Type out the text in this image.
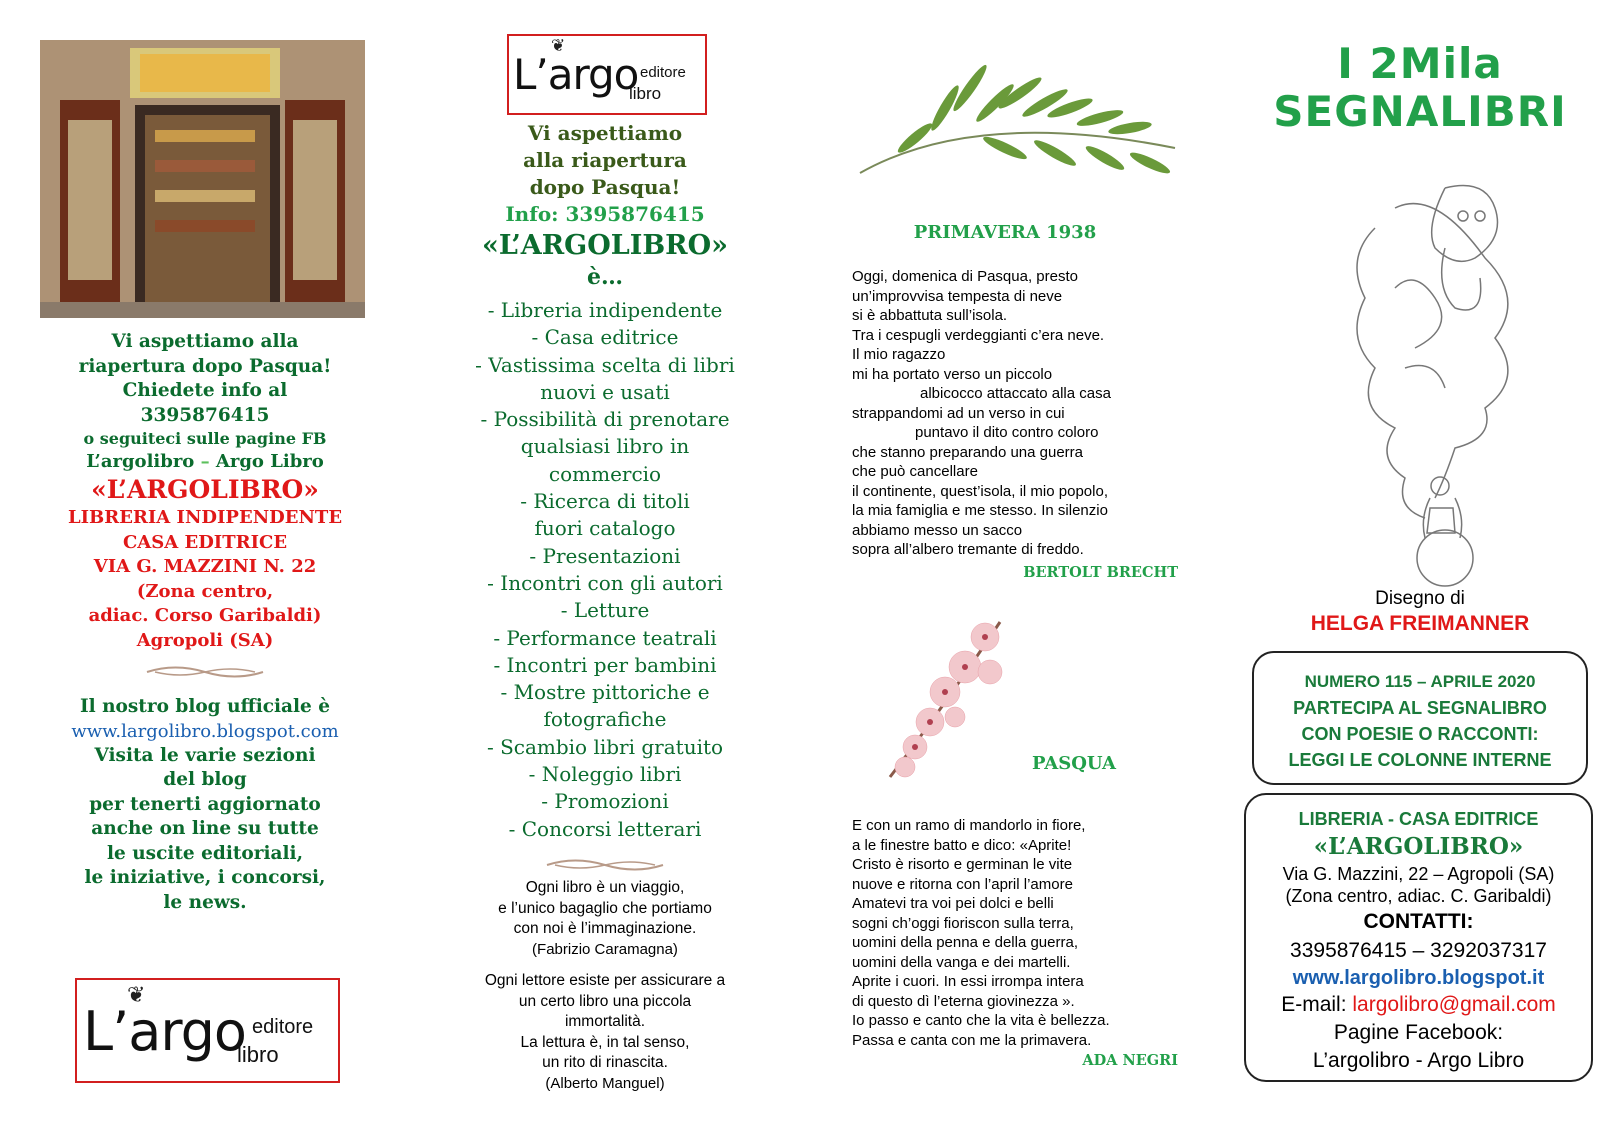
Vi aspettiamo alla
riapertura dopo Pasqua!
Chiedete info al
3395876415
o seguiteci sulle pagine FB
L’argolibro – Argo Libro
«L’ARGOLIBRO»
LIBRERIA INDIPENDENTE
CASA EDITRICE
VIA G. MAZZINI N. 22
(Zona centro,
adiac. Corso Garibaldi)
Agropoli (SA)
Il nostro blog ufficiale è
www.largolibro.blogspot.com
Visita le varie sezioni
del blog
per tenerti aggiornato
anche on line su tutte
le uscite editoriali,
le iniziative, i concorsi,
le news.
❦
L’argo editore
libro
❦
L’argo editore
libro
Vi aspettiamo
alla riapertura
dopo Pasqua!
Info: 3395876415
«L’ARGOLIBRO»
è…
- Libreria indipendente
- Casa editrice
- Vastissima scelta di libri
nuovi e usati
- Possibilità di prenotare
qualsiasi libro in
commercio
- Ricerca di titoli
fuori catalogo
- Presentazioni
- Incontri con gli autori
- Letture
- Performance teatrali
- Incontri per bambini
- Mostre pittoriche e
fotografiche
- Scambio libri gratuito
- Noleggio libri
- Promozioni
- Concorsi letterari
Ogni libro è un viaggio,
e l’unico bagaglio che portiamo
con noi è l’immaginazione.
(Fabrizio Caramagna)
Ogni lettore esiste per assicurare a
un certo libro una piccola
immortalità.
La lettura è, in tal senso,
un rito di rinascita.
(Alberto Manguel)
PRIMAVERA 1938
Oggi, domenica di Pasqua, presto
un’improvvisa tempesta di neve
si è abbattuta sull’isola.
Tra i cespugli verdeggianti c’era neve.
Il mio ragazzo
mi ha portato verso un piccolo
albicocco attaccato alla casa
strappandomi ad un verso in cui
puntavo il dito contro coloro
che stanno preparando una guerra
che può cancellare
il continente, quest’isola, il mio popolo,
la mia famiglia e me stesso. In silenzio
abbiamo messo un sacco
sopra all’albero tremante di freddo.
BERTOLT BRECHT
PASQUA
E con un ramo di mandorlo in fiore,
a le finestre batto e dico: «Aprite!
Cristo è risorto e germinan le vite
nuove e ritorna con l’april l’amore
Amatevi tra voi pei dolci e belli
sogni ch’oggi fioriscon sulla terra,
uomini della penna e della guerra,
uomini della vanga e dei martelli.
Aprite i cuori. In essi irrompa intera
di questo dì l’eterna giovinezza ».
Io passo e canto che la vita è bellezza.
Passa e canta con me la primavera.
ADA NEGRI
I 2Mila
SEGNALIBRI
Disegno di
HELGA FREIMANNER
NUMERO 115 – APRILE 2020
PARTECIPA AL SEGNALIBRO
CON POESIE O RACCONTI:
LEGGI LE COLONNE INTERNE
LIBRERIA - CASA EDITRICE
«L’ARGOLIBRO»
Via G. Mazzini, 22 – Agropoli (SA)
(Zona centro, adiac. C. Garibaldi)
CONTATTI:
3395876415 – 3292037317
www.largolibro.blogspot.it
E-mail: largolibro@gmail.com
Pagine Facebook:
L’argolibro - Argo Libro
